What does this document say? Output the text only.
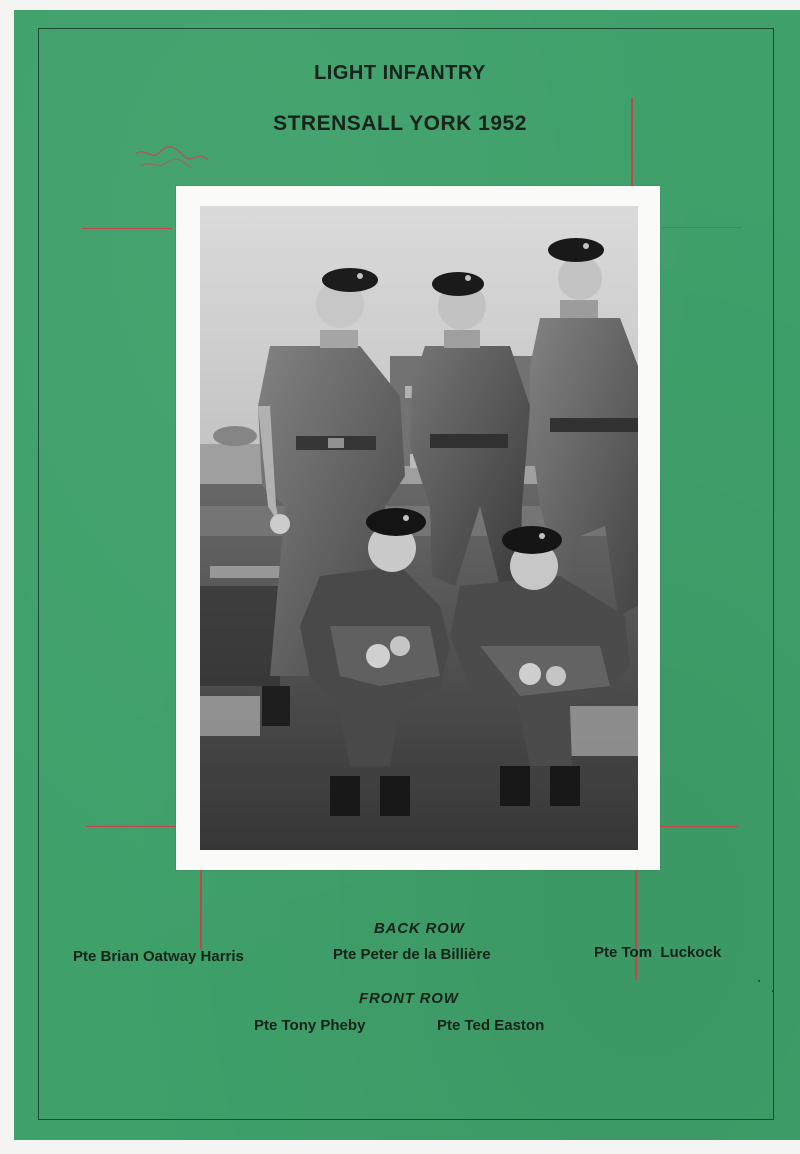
LIGHT INFANTRY
STRENSALL YORK 1952
BACK ROW
Pte Brian Oatway Harris	Pte Peter de la Billière	Pte Tom  Luckock
FRONT ROW
Pte Tony Pheby	Pte Ted Easton
